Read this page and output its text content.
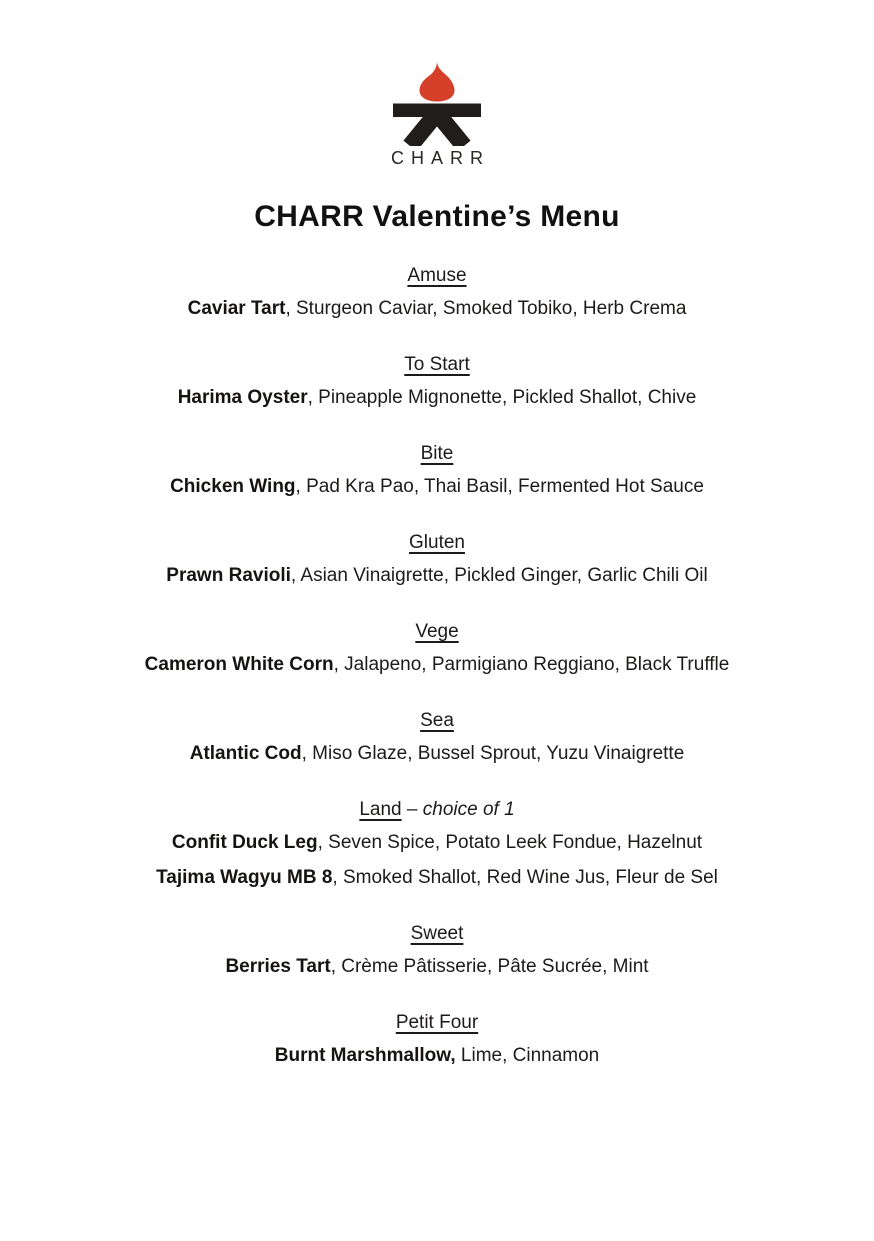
CHARR
CHARR Valentine’s Menu
Amuse
Caviar Tart, Sturgeon Caviar, Smoked Tobiko, Herb Crema
To Start
Harima Oyster, Pineapple Mignonette, Pickled Shallot, Chive
Bite
Chicken Wing, Pad Kra Pao, Thai Basil, Fermented Hot Sauce
Gluten
Prawn Ravioli, Asian Vinaigrette, Pickled Ginger, Garlic Chili Oil
Vege
Cameron White Corn, Jalapeno, Parmigiano Reggiano, Black Truffle
Sea
Atlantic Cod, Miso Glaze, Bussel Sprout, Yuzu Vinaigrette
Land – choice of 1
Confit Duck Leg, Seven Spice, Potato Leek Fondue, Hazelnut
Tajima Wagyu MB 8, Smoked Shallot, Red Wine Jus, Fleur de Sel
Sweet
Berries Tart, Crème Pâtisserie, Pâte Sucrée, Mint
Petit Four
Burnt Marshmallow, Lime, Cinnamon
